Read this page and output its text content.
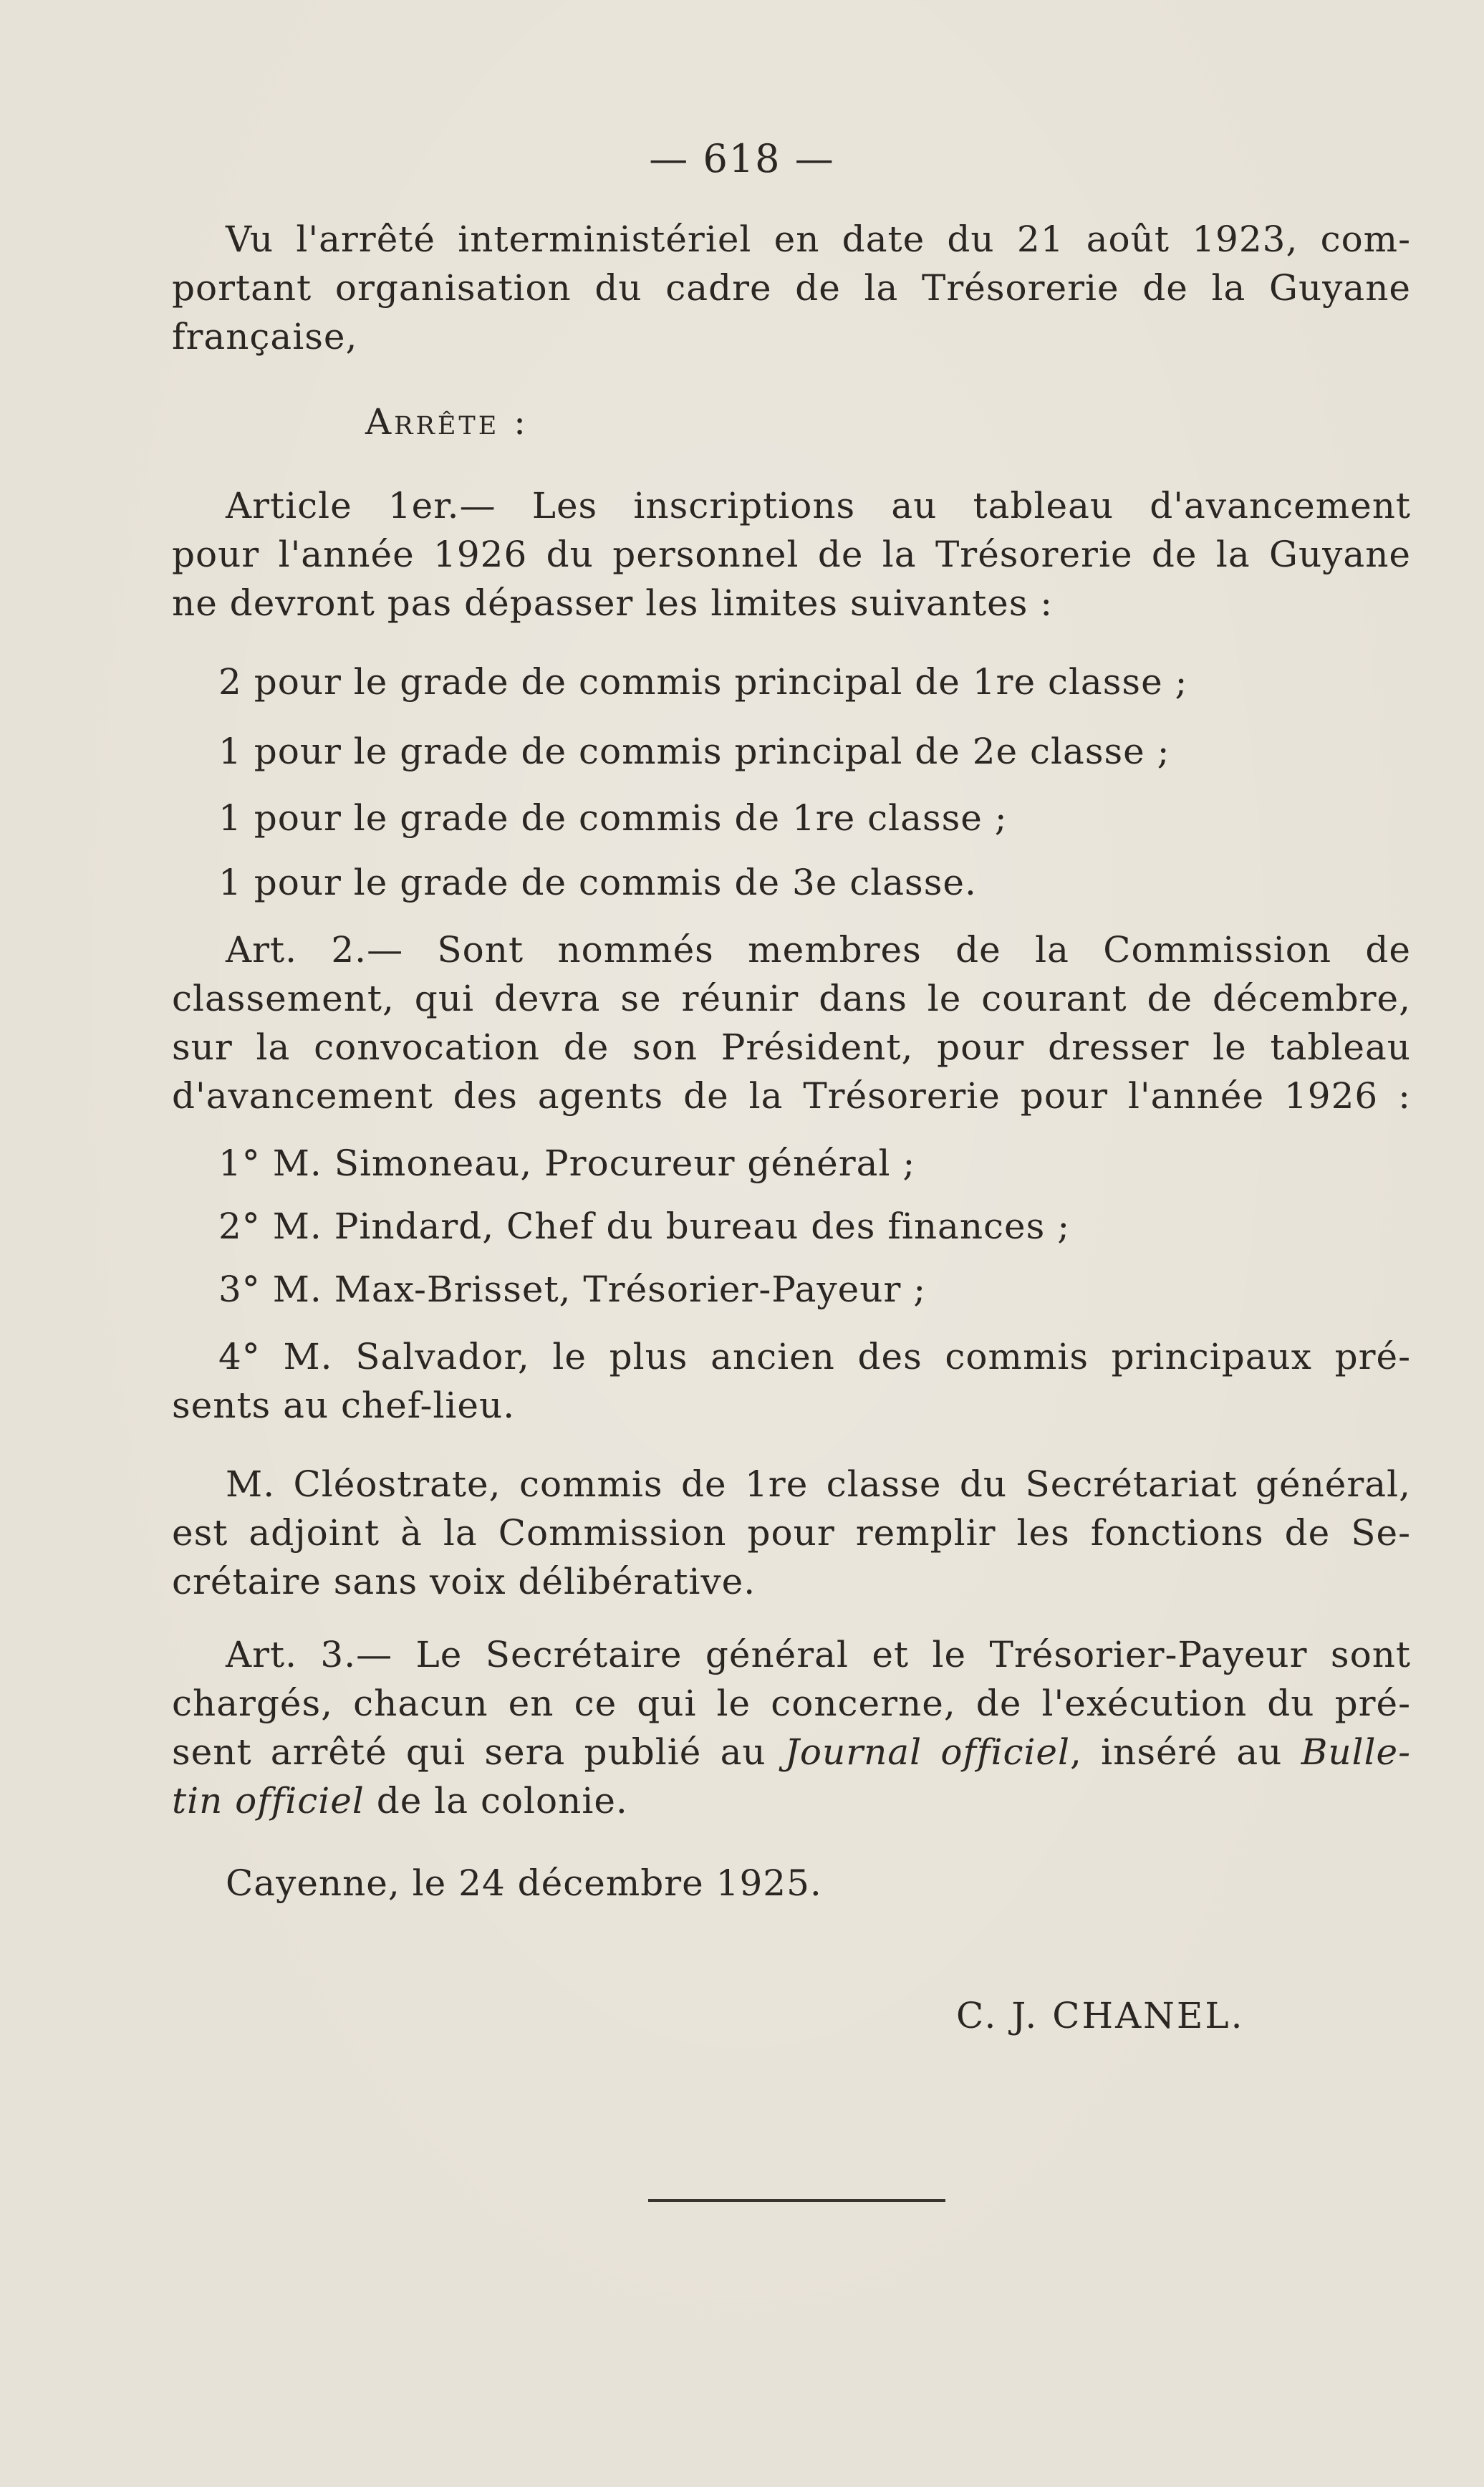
— 618 —
Vu l'arrêté interministériel en date du 21 août 1923, com-
portant organisation du cadre de la Trésorerie de la Guyane
française,
Arrête :
Article 1er.— Les inscriptions au tableau d'avancement
pour l'année 1926 du personnel de la Trésorerie de la Guyane
ne devront pas dépasser les limites suivantes :
2 pour le grade de commis principal de 1re classe ;
1 pour le grade de commis principal de 2e classe ;
1 pour le grade de commis de 1re classe ;
1 pour le grade de commis de 3e classe.
Art. 2.— Sont nommés membres de la Commission de
classement, qui devra se réunir dans le courant de décembre,
sur la convocation de son Président, pour dresser le tableau
d'avancement des agents de la Trésorerie pour l'année 1926 :
1° M. Simoneau, Procureur général ;
2° M. Pindard, Chef du bureau des finances ;
3° M. Max-Brisset, Trésorier-Payeur ;
4° M. Salvador, le plus ancien des commis principaux pré-
sents au chef-lieu.
M. Cléostrate, commis de 1re classe du Secrétariat général,
est adjoint à la Commission pour remplir les fonctions de Se-
crétaire sans voix délibérative.
Art. 3.— Le Secrétaire général et le Trésorier-Payeur sont
chargés, chacun en ce qui le concerne, de l'exécution du pré-
sent arrêté qui sera publié au Journal officiel, inséré au Bulle-
tin officiel de la colonie.
Cayenne, le 24 décembre 1925.
C. J. CHANEL.
